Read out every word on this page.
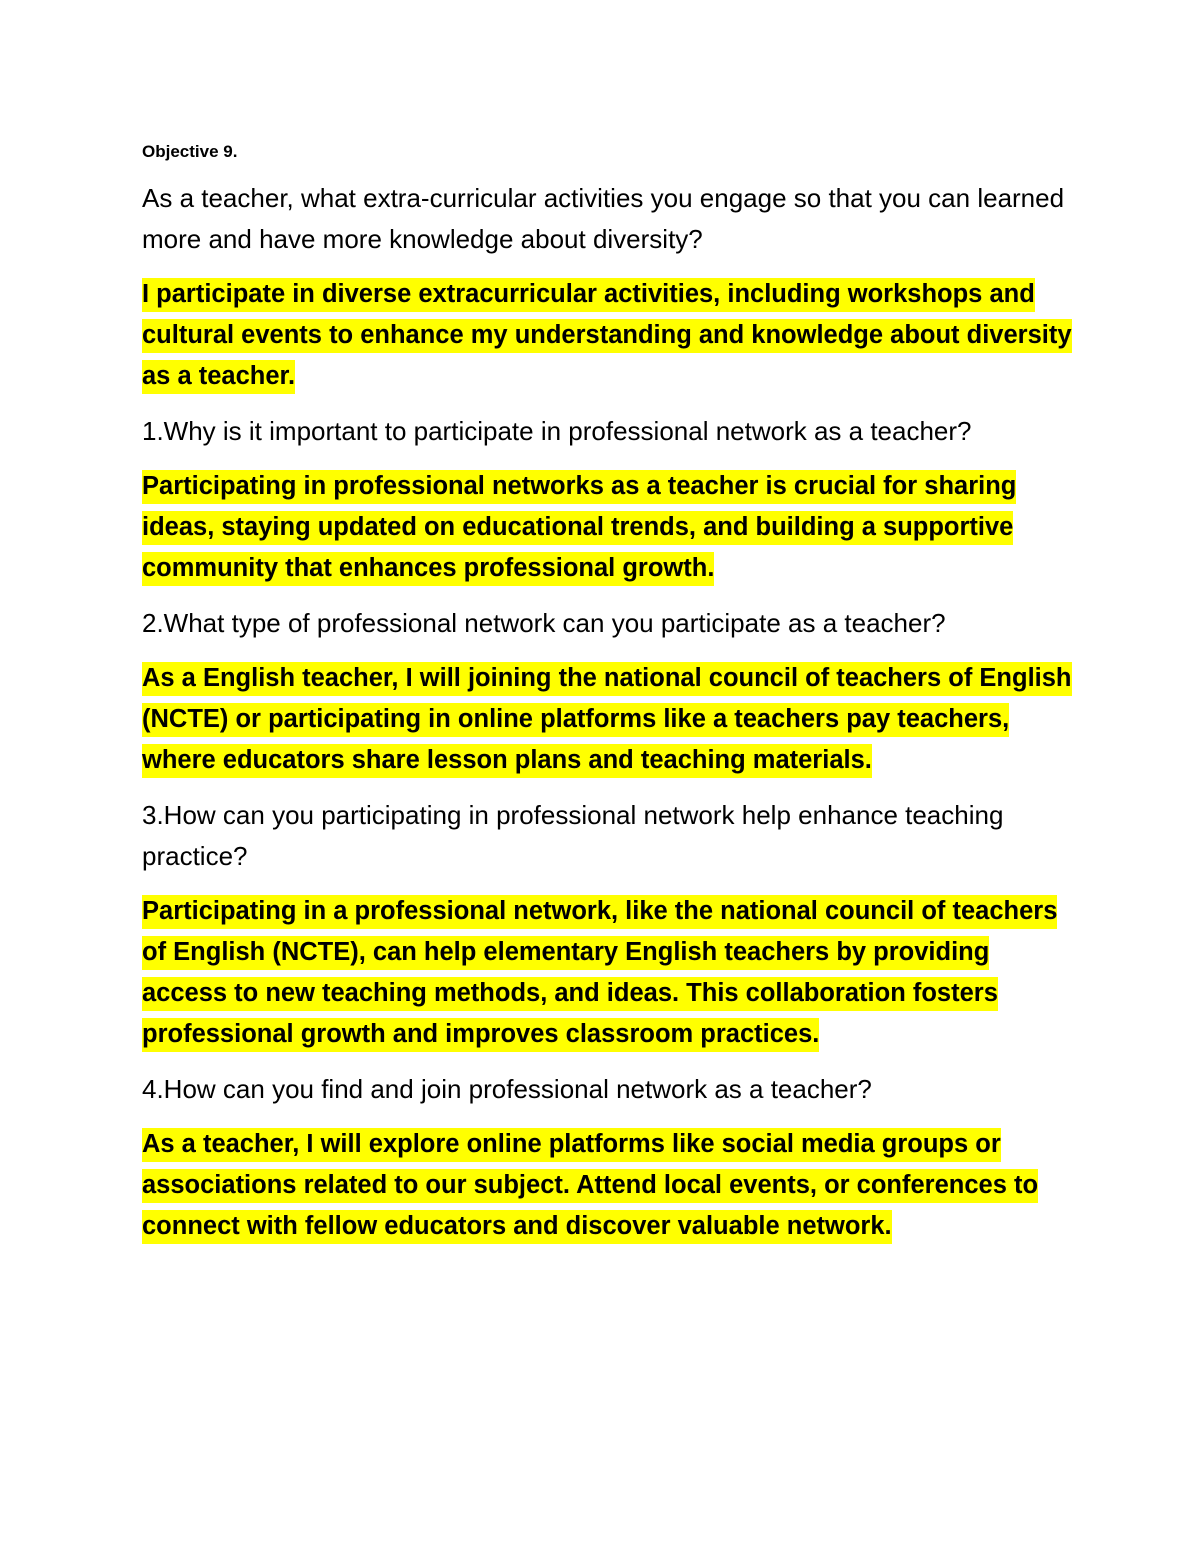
Objective 9.
As a teacher, what extra-curricular activities you engage so that you can learned more and have more knowledge about diversity?
I participate in diverse extracurricular activities, including workshops and cultural events to enhance my understanding and knowledge about diversity as a teacher.
1.Why is it important to participate in professional network as a teacher?
Participating in professional networks as a teacher is crucial for sharing ideas, staying updated on educational trends, and building a supportive community that enhances professional growth.
2.What type of professional network can you participate as a teacher?
As a English teacher, I will joining the national council of teachers of English (NCTE) or participating in online platforms like a teachers pay teachers, where educators share lesson plans and teaching materials.
3.How can you participating in professional network help enhance teaching practice?
Participating in a professional network, like the national council of teachers of English (NCTE), can help elementary English teachers by providing access to new teaching methods, and ideas. This collaboration fosters professional growth and improves classroom practices.
4.How can you find and join professional network as a teacher?
As a teacher, I will explore online platforms like social media groups or associations related to our subject. Attend local events, or conferences to connect with fellow educators and discover valuable network.
